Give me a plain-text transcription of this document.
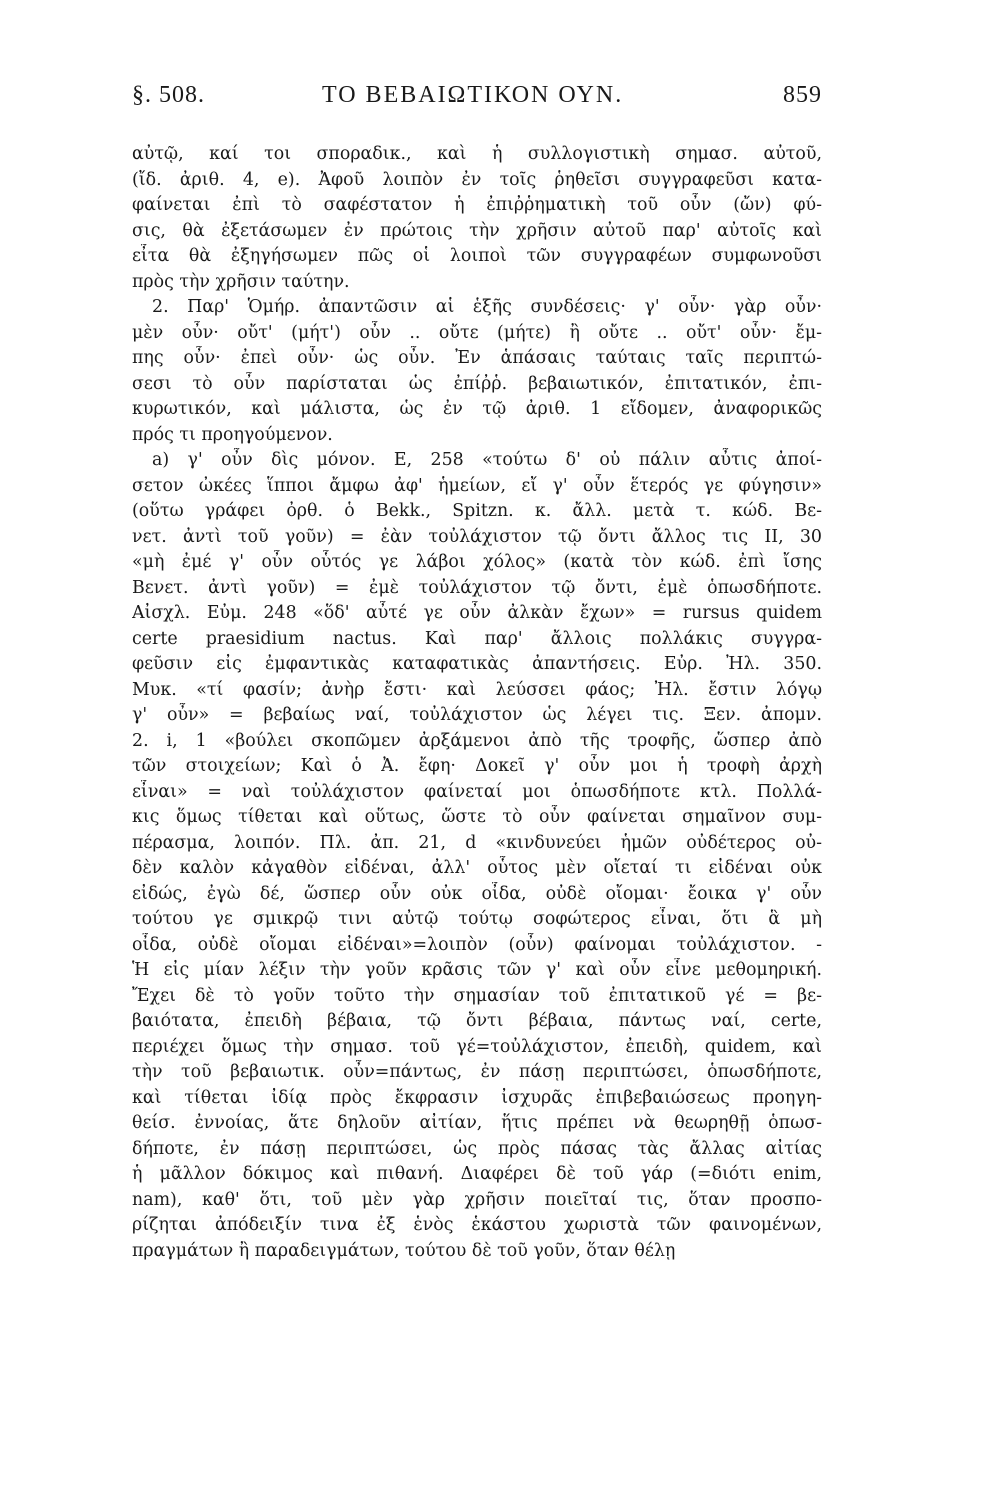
§. 508.	ΤΟ ΒΕΒΑΙΩΤΙΚΟΝ ΟΥΝ.	859
αὐτῷ, καί τοι σποραδικ., καὶ ἡ συλλογιστικὴ σημασ. αὐτοῦ,
(ἴδ. ἀριθ. 4, e). Ἀφοῦ λοιπὸν ἐν τοῖς ῥηθεῖσι συγγραφεῦσι κατα-
φαίνεται ἐπὶ τὸ σαφέστατον ἡ ἐπιῤῥηματικὴ τοῦ οὖν (ὤν) φύ-
σις, θὰ ἐξετάσωμεν ἐν πρώτοις τὴν χρῆσιν αὐτοῦ παρ' αὐτοῖς καὶ
εἶτα θὰ ἐξηγήσωμεν πῶς οἱ λοιποὶ τῶν συγγραφέων συμφωνοῦσι
πρὸς τὴν χρῆσιν ταύτην.
2. Παρ' Ὁμήρ. ἀπαντῶσιν αἱ ἑξῆς συνδέσεις· γ' οὖν· γὰρ οὖν·
μὲν οὖν· οὔτ' (μήτ') οὖν .. οὔτε (μήτε) ἢ οὔτε .. οὔτ' οὖν· ἔμ-
πης οὖν· ἐπεὶ οὖν· ὡς οὖν. Ἐν ἁπάσαις ταύταις ταῖς περιπτώ-
σεσι τὸ οὖν παρίσταται ὡς ἐπίῤῥ. βεβαιωτικόν, ἐπιτατικόν, ἐπι-
κυρωτικόν, καὶ μάλιστα, ὡς ἐν τῷ ἀριθ. 1 εἴδομεν, ἀναφορικῶς
πρός τι προηγούμενον.
a) γ' οὖν δὶς μόνον. Ε, 258 «τούτω δ' οὐ πάλιν αὖτις ἀποί-
σετον ὠκέες ἵπποι ἄμφω ἀφ' ἡμείων, εἴ γ' οὖν ἕτερός γε φύγησιν»
(οὕτω γράφει ὀρθ. ὁ Bekk., Spitzn. κ. ἄλλ. μετὰ τ. κώδ. Βε-
νετ. ἀντὶ τοῦ γοῦν) = ἐὰν τοὐλάχιστον τῷ ὄντι ἄλλος τις ΙΙ, 30
«μὴ ἐμέ γ' οὖν οὗτός γε λάβοι χόλος» (κατὰ τὸν κώδ. ἐπὶ ἴσης
Βενετ. ἀντὶ γοῦν) = ἐμὲ τοὐλάχιστον τῷ ὄντι, ἐμὲ ὁπωσδήποτε.
Αἰσχλ. Εὐμ. 248 «ὅδ' αὖτέ γε οὖν ἀλκὰν ἔχων» = rursus quidem
certe praesidium nactus. Καὶ παρ' ἄλλοις πολλάκις συγγρα-
φεῦσιν εἰς ἐμφαντικὰς καταφατικὰς ἀπαντήσεις. Εὐρ. Ἠλ. 350.
Μυκ. «τί φασίν; ἀνὴρ ἔστι· καὶ λεύσσει φάος; Ἠλ. ἔστιν λόγῳ
γ' οὖν» = βεβαίως ναί, τοὐλάχιστον ὡς λέγει τις. Ξεν. ἀπομν.
2. i, 1 «βούλει σκοπῶμεν ἀρξάμενοι ἀπὸ τῆς τροφῆς, ὥσπερ ἀπὸ
τῶν στοιχείων; Καὶ ὁ Ἀ. ἔφη· Δοκεῖ γ' οὖν μοι ἡ τροφὴ ἀρχὴ
εἶναι» = ναὶ τοὐλάχιστον φαίνεταί μοι ὁπωσδήποτε κτλ. Πολλά-
κις ὅμως τίθεται καὶ οὕτως, ὥστε τὸ οὖν φαίνεται σημαῖνον συμ-
πέρασμα, λοιπόν. Πλ. ἀπ. 21, d «κινδυνεύει ἡμῶν οὐδέτερος οὐ-
δὲν καλὸν κἀγαθὸν εἰδέναι, ἀλλ' οὗτος μὲν οἴεταί τι εἰδέναι οὐκ
εἰδώς, ἐγὼ δέ, ὥσπερ οὖν οὐκ οἶδα, οὐδὲ οἴομαι· ἔοικα γ' οὖν
τούτου γε σμικρῷ τινι αὐτῷ τούτῳ σοφώτερος εἶναι, ὅτι ἃ μὴ
οἶδα, οὐδὲ οἴομαι εἰδέναι»=λοιπὸν (οὖν) φαίνομαι τοὐλάχιστον. -
Ἡ εἰς μίαν λέξιν τὴν γοῦν κρᾶσις τῶν γ' καὶ οὖν εἶνε μεθομηρική.
Ἔχει δὲ τὸ γοῦν τοῦτο τὴν σημασίαν τοῦ ἐπιτατικοῦ γέ = βε-
βαιότατα, ἐπειδὴ βέβαια, τῷ ὄντι βέβαια, πάντως ναί, certe,
περιέχει ὅμως τὴν σημασ. τοῦ γέ=τοὐλάχιστον, ἐπειδὴ, quidem, καὶ
τὴν τοῦ βεβαιωτικ. οὖν=πάντως, ἐν πάσῃ περιπτώσει, ὁπωσδήποτε,
καὶ τίθεται ἰδίᾳ πρὸς ἔκφρασιν ἰσχυρᾶς ἐπιβεβαιώσεως προηγη-
θείσ. ἐννοίας, ἅτε δηλοῦν αἰτίαν, ἥτις πρέπει νὰ θεωρηθῇ ὁπωσ-
δήποτε, ἐν πάσῃ περιπτώσει, ὡς πρὸς πάσας τὰς ἄλλας αἰτίας
ἡ μᾶλλον δόκιμος καὶ πιθανή. Διαφέρει δὲ τοῦ γάρ (=διότι enim,
nam), καθ' ὅτι, τοῦ μὲν γὰρ χρῆσιν ποιεῖταί τις, ὅταν προσπο-
ρίζηται ἀπόδειξίν τινα ἐξ ἑνὸς ἑκάστου χωριστὰ τῶν φαινομένων,
πραγμάτων ἢ παραδειγμάτων, τούτου δὲ τοῦ γοῦν, ὅταν θέλῃ
